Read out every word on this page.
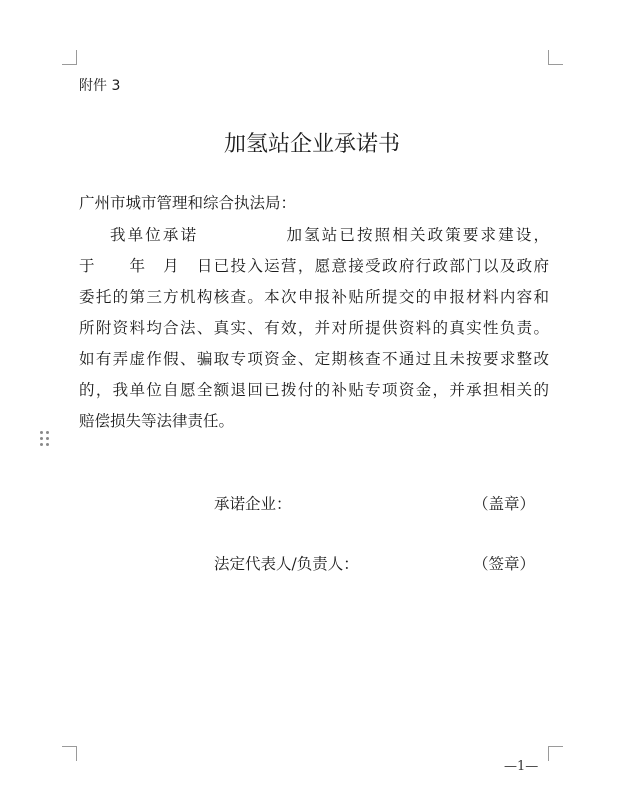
附件 3
加氢站企业承诺书
广州市城市管理和综合执法局：
我单位承诺　　　　　加氢站已按照相关政策要求建设，
于　　年　月　日已投入运营，愿意接受政府行政部门以及政府
委托的第三方机构核查。本次申报补贴所提交的申报材料内容和
所附资料均合法、真实、有效，并对所提供资料的真实性负责。
如有弄虚作假、骗取专项资金、定期核查不通过且未按要求整改
的，我单位自愿全额退回已拨付的补贴专项资金，并承担相关的
赔偿损失等法律责任。
承诺企业：	（盖章）
法定代表人/负责人：	（签章）
—1—
